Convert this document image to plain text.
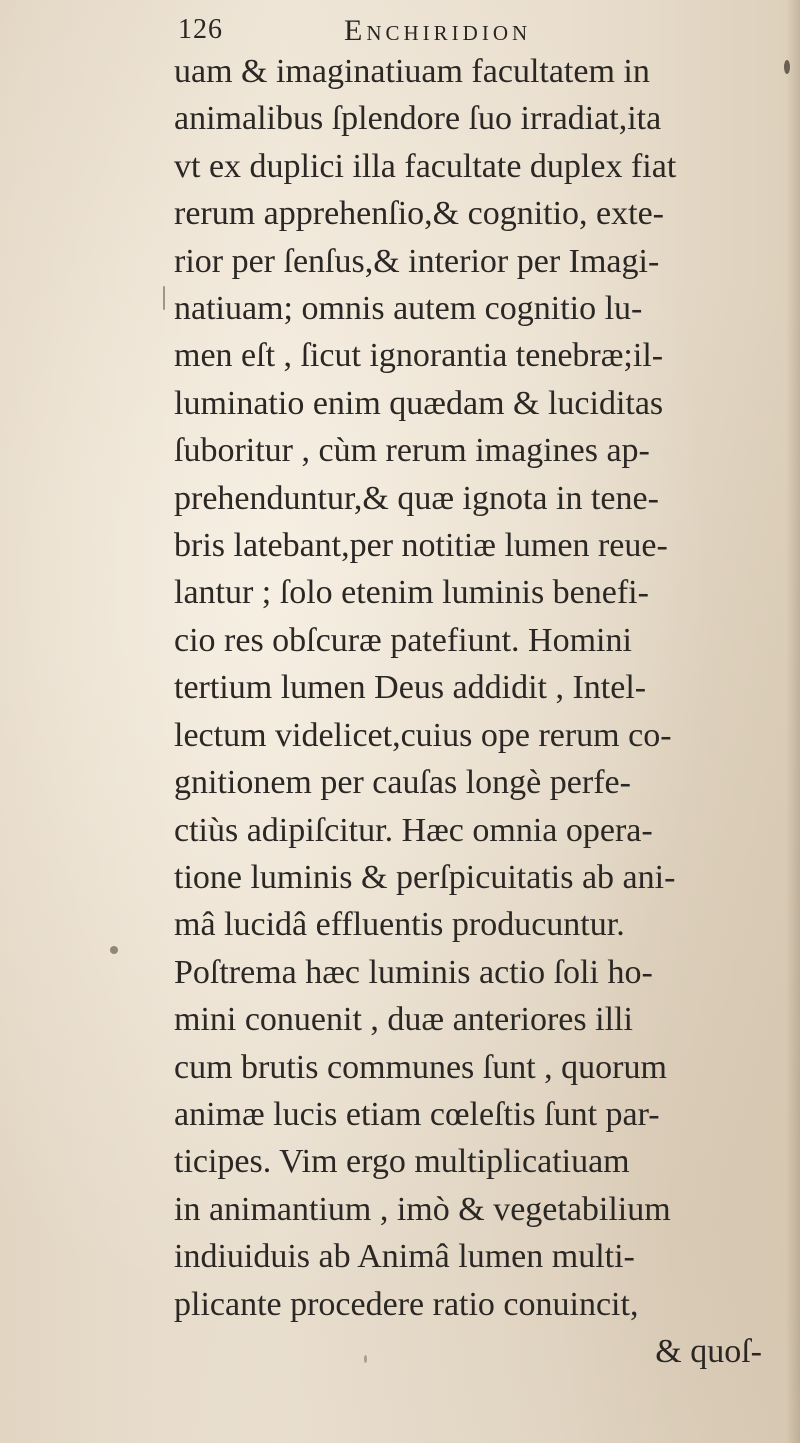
126	Enchiridion
uam & imaginatiuam facultatem in
animalibus ſplendore ſuo irradiat,ita
vt ex duplici illa facultate duplex fiat
rerum apprehenſio,& cognitio, exte-
rior per ſenſus,& interior per Imagi-
natiuam; omnis autem cognitio lu-
men eſt , ſicut ignorantia tenebræ;il-
luminatio enim quædam & luciditas
ſuboritur , cùm rerum imagines ap-
prehenduntur,& quæ ignota in tene-
bris latebant,per notitiæ lumen reue-
lantur ; ſolo etenim luminis benefi-
cio res obſcuræ patefiunt. Homini
tertium lumen Deus addidit , Intel-
lectum videlicet,cuius ope rerum co-
gnitionem per cauſas longè perfe-
ctiùs adipiſcitur. Hæc omnia opera-
tione luminis & perſpicuitatis ab ani-
mâ lucidâ effluentis producuntur.
Poſtrema hæc luminis actio ſoli ho-
mini conuenit , duæ anteriores illi
cum brutis communes ſunt , quorum
animæ lucis etiam cœleſtis ſunt par-
ticipes. Vim ergo multiplicatiuam
in animantium , imò & vegetabilium
indiuiduis ab Animâ lumen multi-
plicante procedere ratio conuincit,
& quoſ-
